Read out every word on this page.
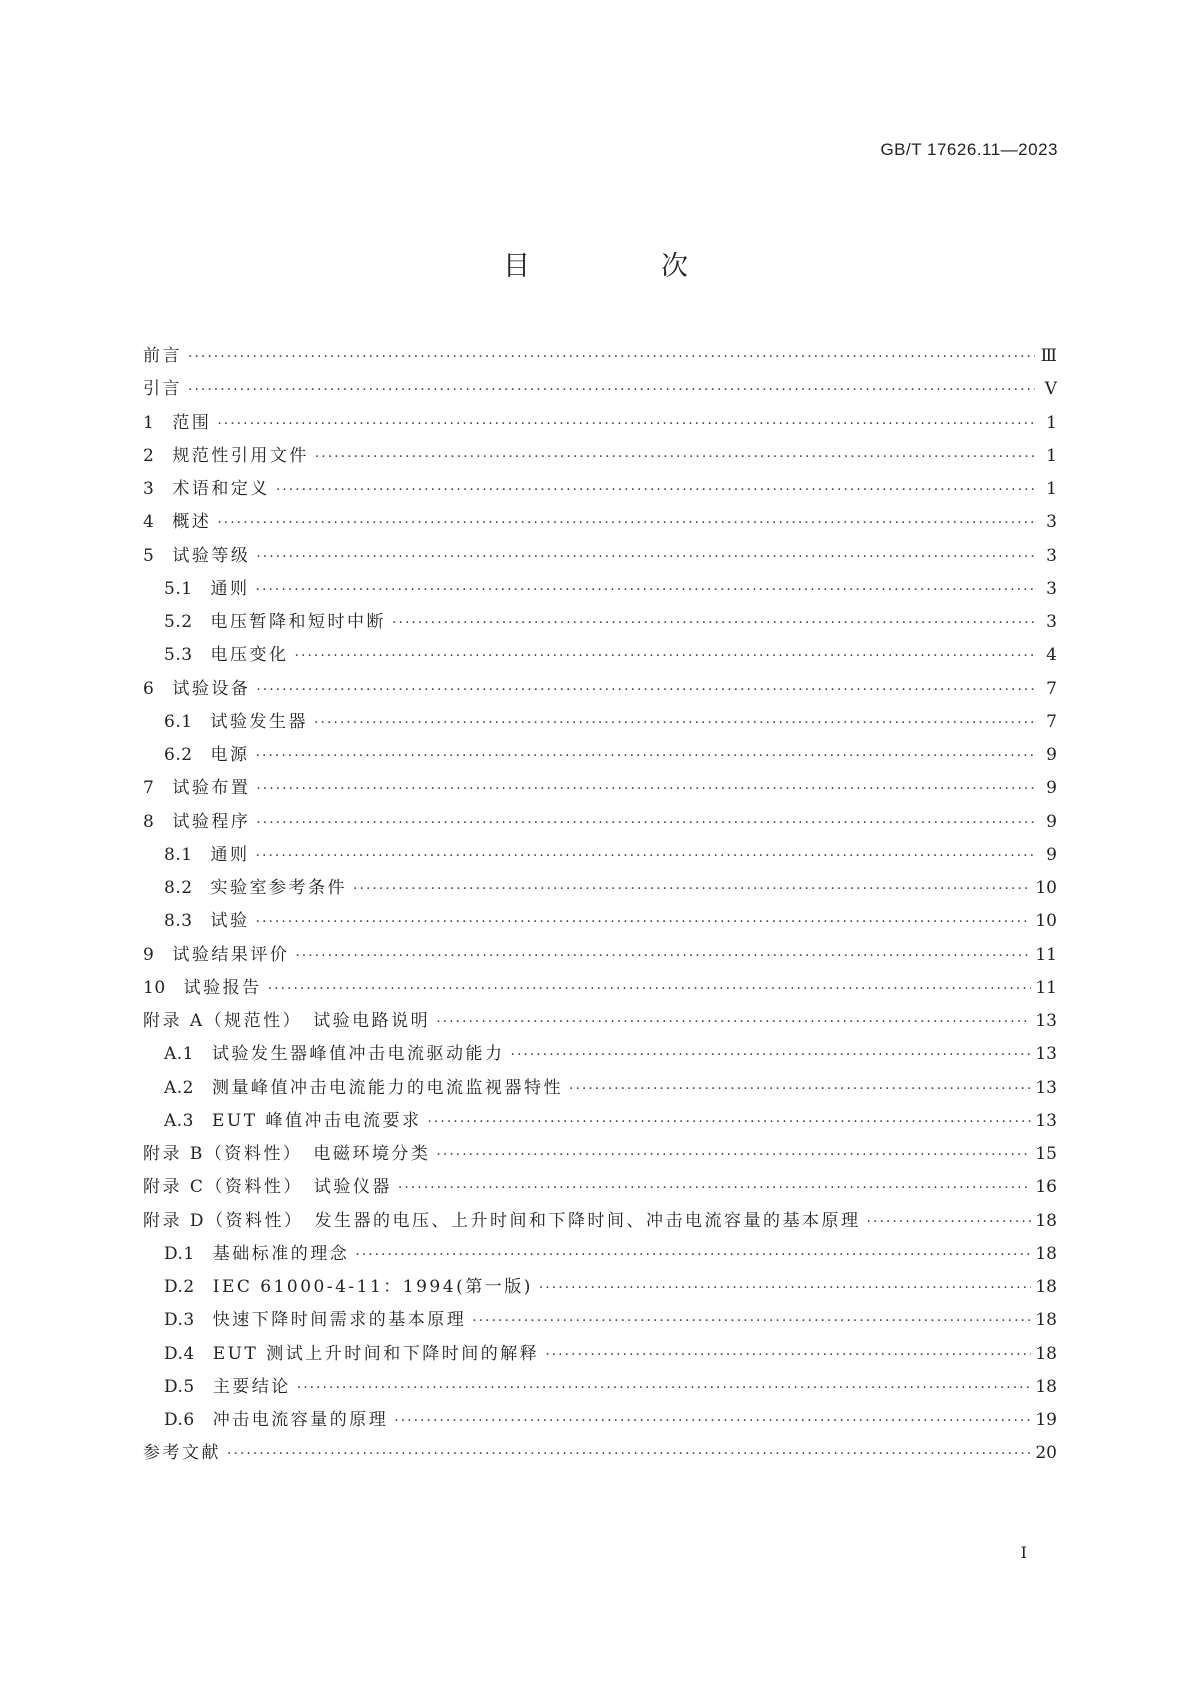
GB/T 17626.11—2023
目　次
前言 ·····	Ⅲ
引言 ·····	Ⅴ
1 范围 ·····	1
2 规范性引用文件 ·····	1
3 术语和定义 ·····	1
4 概述 ·····	3
5 试验等级 ·····	3
5.1 通则 ·····	3
5.2 电压暂降和短时中断 ·····	3
5.3 电压变化 ·····	4
6 试验设备 ·····	7
6.1 试验发生器 ·····	7
6.2 电源 ·····	9
7 试验布置 ·····	9
8 试验程序 ·····	9
8.1 通则 ·····	9
8.2 实验室参考条件 ·····	10
8.3 试验 ·····	10
9 试验结果评价 ·····	11
10 试验报告 ·····	11
附录 A（规范性）　试验电路说明 ·····	13
A.1 试验发生器峰值冲击电流驱动能力 ·····	13
A.2 测量峰值冲击电流能力的电流监视器特性 ·····	13
A.3 EUT 峰值冲击电流要求 ·····	13
附录 B（资料性）　电磁环境分类 ·····	15
附录 C（资料性）　试验仪器 ·····	16
附录 D（资料性）　发生器的电压、上升时间和下降时间、冲击电流容量的基本原理 ·····	18
D.1 基础标准的理念 ·····	18
D.2 IEC 61000-4-11：1994(第一版) ·····	18
D.3 快速下降时间需求的基本原理 ·····	18
D.4 EUT 测试上升时间和下降时间的解释 ·····	18
D.5 主要结论 ·····	18
D.6 冲击电流容量的原理 ·····	19
参考文献 ·····	20
I
